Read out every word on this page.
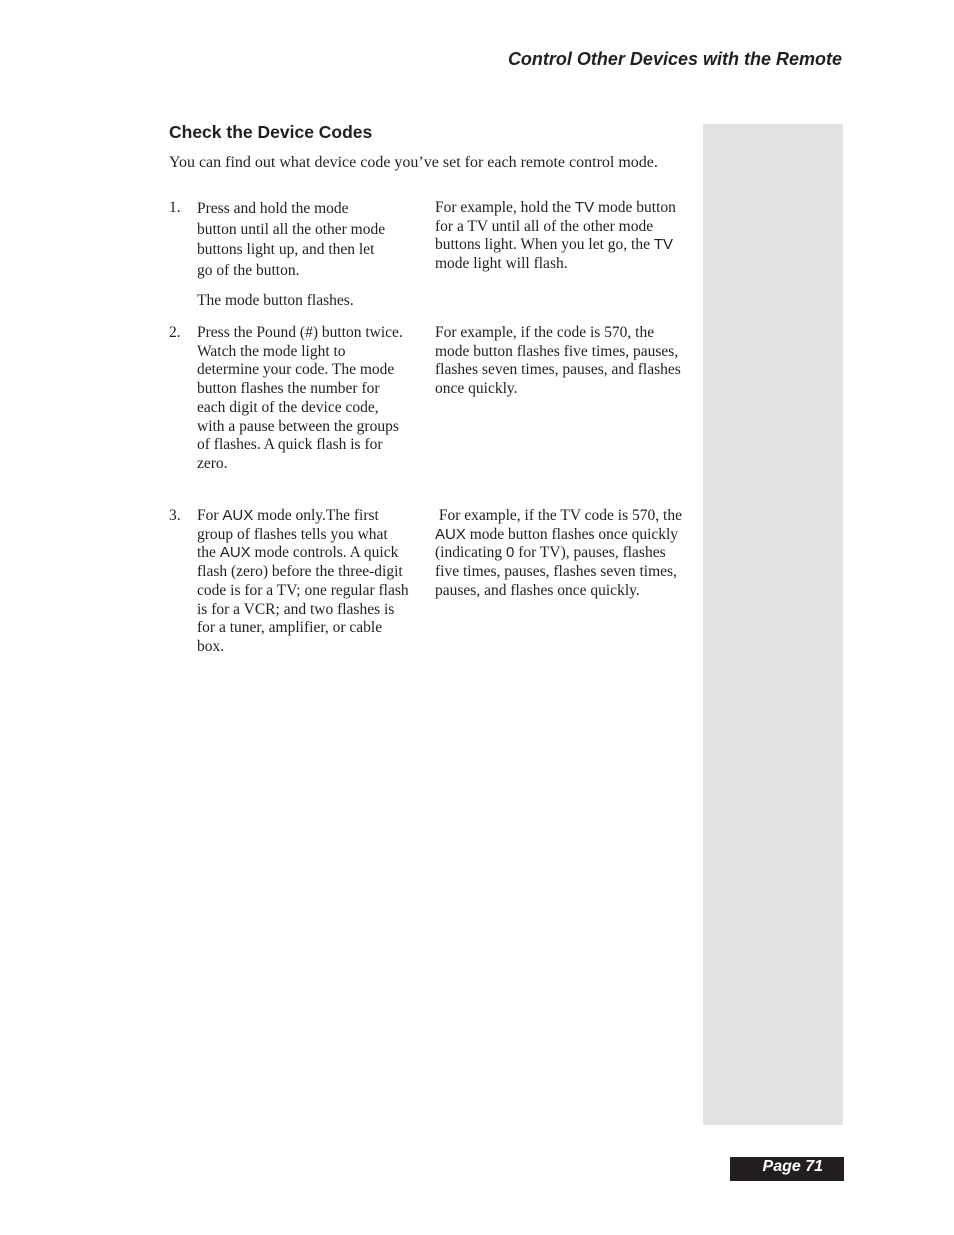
Control Other Devices with the Remote
Check the Device Codes
You can find out what device code you’ve set for each remote control mode.
1. Press and hold the mode
button until all the other mode
buttons light up, and then let
go of the button.

The mode button flashes.

For example, hold the TV mode button for a TV until all of the other mode buttons light. When you let go, the TV mode light will flash.

2. Press the Pound (#) button twice.

Watch the mode light to determine your code. The mode button flashes the number for each digit of the device code, with a pause between the groups of flashes. A quick flash is for zero.

For example, if the code is 570, the mode button flashes five times, pauses, flashes seven times, pauses, and flashes once quickly.

3. For AUX mode only.The first group of flashes tells you what the AUX mode controls. A quick flash (zero) before the three-digit code is for a TV; one regular flash is for a VCR; and two flashes is for a tuner, amplifier, or cable box.

For example, if the TV code is 570, the AUX mode button flashes once quickly (indicating 0 for TV), pauses, flashes five times, pauses, flashes seven times, pauses, and flashes once quickly.

Page 71
